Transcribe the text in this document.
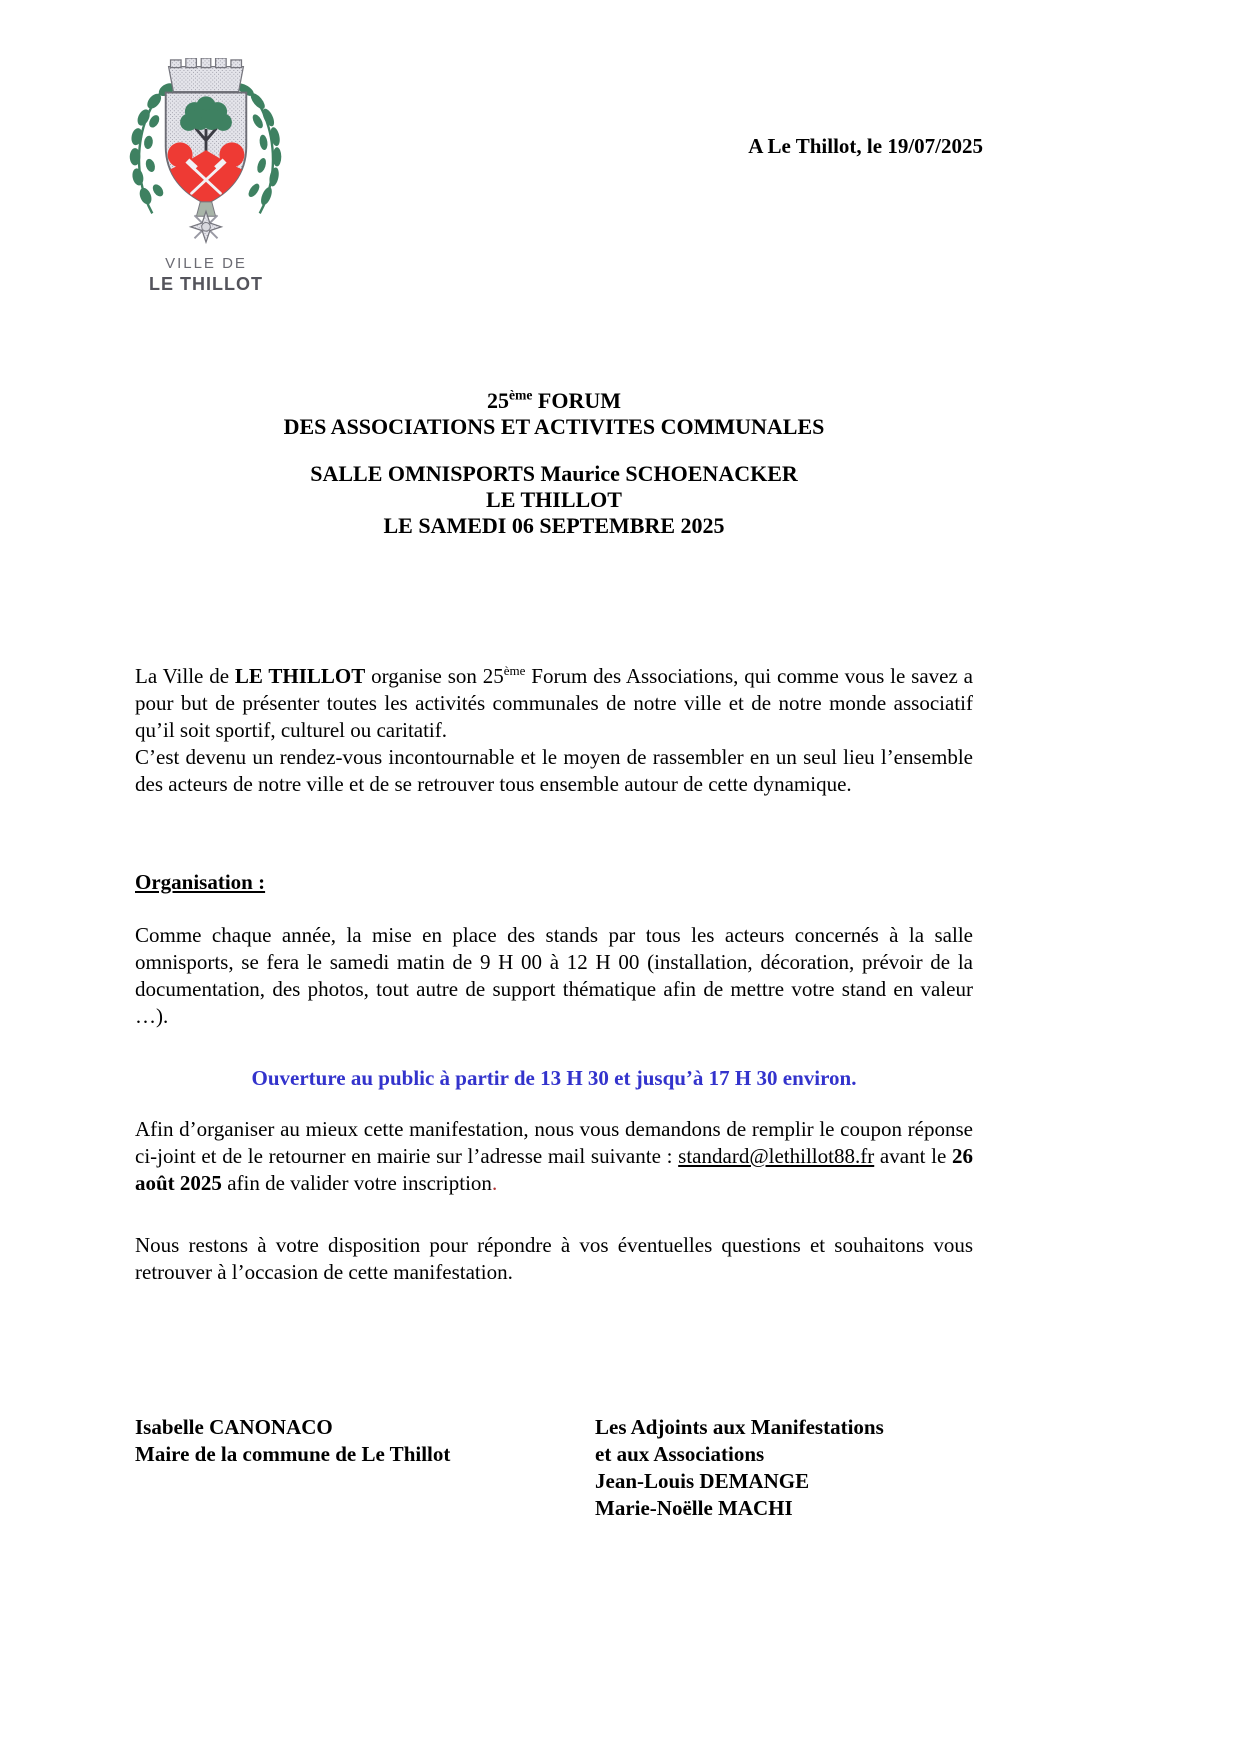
VILLE DE
LE THILLOT
A Le Thillot, le 19/07/2025
25ème FORUM
DES ASSOCIATIONS ET ACTIVITES COMMUNALES
SALLE OMNISPORTS Maurice SCHOENACKER
LE THILLOT
LE SAMEDI 06 SEPTEMBRE 2025

La Ville de LE THILLOT organise son 25ème Forum des Associations, qui comme vous le savez a pour but de présenter toutes les activités communales de notre ville et de notre monde associatif qu’il soit sportif, culturel ou caritatif.

C’est devenu un rendez-vous incontournable et le moyen de rassembler en un seul lieu l’ensemble des acteurs de notre ville et de se retrouver tous ensemble autour de cette dynamique.

Organisation :
Comme chaque année, la mise en place des stands par tous les acteurs concernés à la salle omnisports, se fera le samedi matin de 9 H 00 à 12 H 00 (installation, décoration, prévoir de la documentation, des photos, tout autre de support thématique afin de mettre votre stand en valeur …).
Ouverture au public à partir de 13 H 30 et jusqu’à 17 H 30 environ.

Afin d’organiser au mieux cette manifestation, nous vous demandons de remplir le coupon réponse ci-joint et de le retourner en mairie sur l’adresse mail suivante : standard@lethillot88.fr avant le 26 août 2025 afin de valider votre inscription.

Nous restons à votre disposition pour répondre à vos éventuelles questions et souhaitons vous retrouver à l’occasion de cette manifestation.
Isabelle CANONACO
Maire de la commune de Le Thillot
Les Adjoints aux Manifestations
et aux Associations
Jean-Louis DEMANGE
Marie-Noëlle MACHI
